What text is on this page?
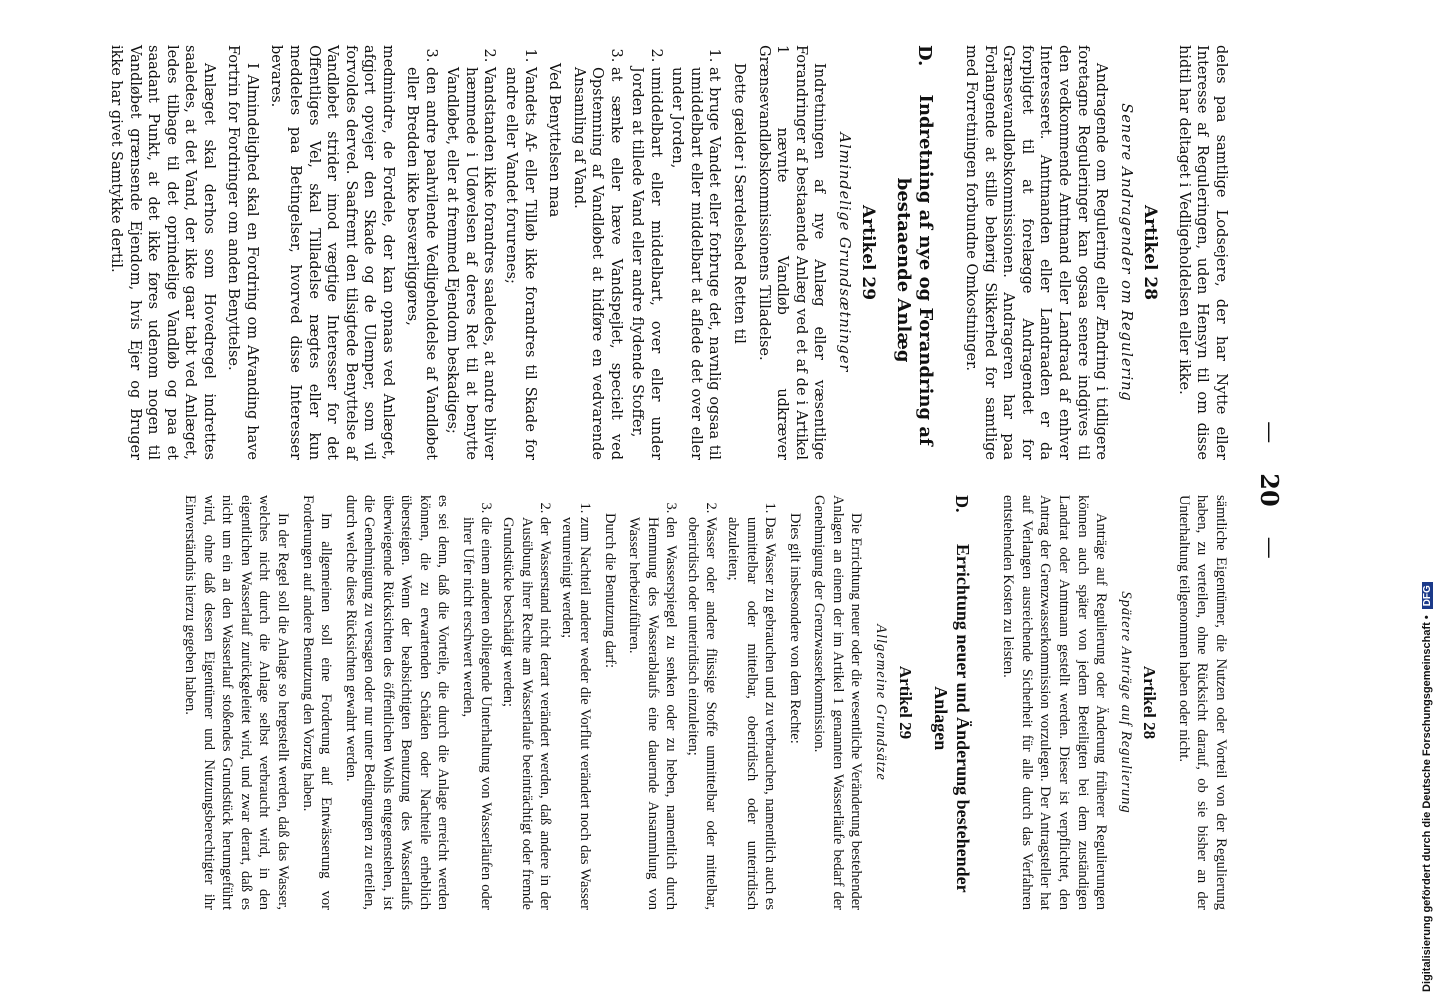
—
20
—

sämtliche Eigentümer, die Nutzen oder Vorteil von der Regulierung haben, zu verteilen, ohne Rücksicht darauf, ob sie bisher an der Unterhaltung teilgenommen haben oder nicht.

Artikel 28
Spätere Anträge auf Regulierung

Anträge auf Regulierung oder Änderung früherer Regulierungen können auch später von jedem Beteiligten bei dem zuständigen Landrat oder Amtmann gestellt werden. Dieser ist verpflichtet, den Antrag der Grenzwasserkommission vorzulegen. Der Antragsteller hat auf Verlangen ausreichende Sicherheit für alle durch das Verfahren entstehenden Kosten zu leisten.

D.
Errichtung neuer und Änderung bestehender Anlagen
Artikel 29
Allgemeine Grundsätze

Die Errichtung neuer oder die wesentliche Veränderung bestehender Anlagen an einem der im Artikel 1 genannten Wasserläufe bedarf der Genehmigung der Grenzwasserkommission.

Dies gilt insbesondere von dem Rechte:

1. Das Wasser zu gebrauchen und zu verbrauchen, namentlich auch es unmittelbar oder mittelbar, oberirdisch oder unterirdisch abzuleiten;
2. Wasser oder andere flüssige Stoffe unmittelbar oder mittelbar, oberirdisch oder unterirdisch einzuleiten;
3. den Wasserspiegel zu senken oder zu heben, namentlich durch Hemmung des Wasserablaufs eine dauernde Ansammlung von Wasser herbeizuführen.

Durch die Benutzung darf:

1. zum Nachteil anderer weder die Vorflut verändert noch das Wasser verunreinigt werden;
2. der Wasserstand nicht derart verändert werden, daß andere in der Ausübung ihrer Rechte am Wasserlaufe beeinträchtigt oder fremde Grundstücke beschädigt werden;
3. die einem anderen obliegende Unterhaltung von Wasserläufen oder ihrer Ufer nicht erschwert werden,

es sei denn, daß die Vorteile, die durch die Anlage erreicht werden können, die zu erwartenden Schäden oder Nachteile erheblich übersteigen. Wenn der beabsichtigten Benutzung des Wasserlaufs überwiegende Rücksichten des öffentlichen Wohls entgegenstehen, ist die Genehmigung zu versagen oder nur unter Bedingungen zu erteilen, durch welche diese Rücksichten gewahrt werden.

Im allgemeinen soll eine Forderung auf Entwässerung vor Forderungen auf andere Benutzung den Vorzug haben.

In der Regel soll die Anlage so hergestellt werden, daß das Wasser, welches nicht durch die Anlage selbst verbraucht wird, in den eigentlichen Wasserlauf zurückgeleitet wird, und zwar derart, daß es nicht um ein an den Wasserlauf stoßendes Grundstück herumgeführt wird, ohne daß dessen Eigentümer und Nutzungsberechtigter ihr Einverständnis hierzu gegeben haben.

deles paa samtlige Lodsejere, der har Nytte eller Interesse af Reguleringen, uden Hensyn til om disse hidtil har deltaget i Vedligeholdelsen eller ikke.

Artikel 28
Senere Andragender om Regulering

Andragende om Regulering eller Ændring i tidligere foretagne Reguleringer kan ogsaa senere indgives til den vedkommende Amtmand eller Landraad af enhver Interesseret. Amtmanden eller Landraaden er da forpligtet til at forelægge Andragendet for Grænsevandløbskommissionen. Andrageren har paa Forlangende at stille behørig Sikkerhed for samtlige med Forretningen forbundne Omkostninger.

D.
Indretning af nye og Forandring af bestaaende Anlæg
Artikel 29
Almindelige Grundsætninger

Indretningen af nye Anlæg eller væsentlige Forandringer af bestaaende Anlæg ved et af de i Artikel 1 nævnte Vandløb udkræver Grænsevandløbskommissionens Tilladelse.

Dette gælder i Særdeleshed Retten til

1. at bruge Vandet eller forbruge det, navnlig ogsaa til umiddelbart eller middelbart at aflede det over eller under Jorden,
2. umiddelbart eller middelbart, over eller under Jorden at tillede Vand eller andre flydende Stoffer,
3. at sænke eller hæve Vandspejlet, specielt ved Opstemning af Vandløbet at hidføre en vedvarende Ansamling af Vand.

Ved Benyttelsen maa

1. Vandets Af- eller Tilløb ikke forandres til Skade for andre eller Vandet forurenes;
2. Vandstanden ikke forandres saaledes, at andre bliver hæmmede i Udøvelsen af deres Ret til at benytte Vandløbet, eller at fremmed Ejendom beskadiges;
3. den andre paahvilende Vedligeholdelse af Vandløbet eller Bredden ikke besværliggøres,

medmindre, de Fordele, der kan opnaas ved Anlæget, afgjort opvejer den Skade og de Ulemper, som vil forvoldes derved. Saafremt den tilsigtede Benyttelse af Vandløbet strider imod vægtige Interesser for det Offentliges Vel, skal Tilladelse nægtes eller kun meddeles paa Betingelser, hvorved disse Interesser bevares.

I Almindelighed skal en Fordring om Afvanding have Fortrin for Fordringer om anden Benyttelse.

Anlæget skal derhos som Hovedregel indrettes saaledes, at det Vand, der ikke gaar tabt ved Anlæget, ledes tilbage til det oprindelige Vandløb og paa et saadant Punkt, at det ikke føres udenom nogen til Vandløbet grænsende Ejendom, hvis Ejer og Bruger ikke har givet Samtykke dertil.

Digitalisierung gefördert durch die Deutsche Forschungsgemeinschaft •
DFG
